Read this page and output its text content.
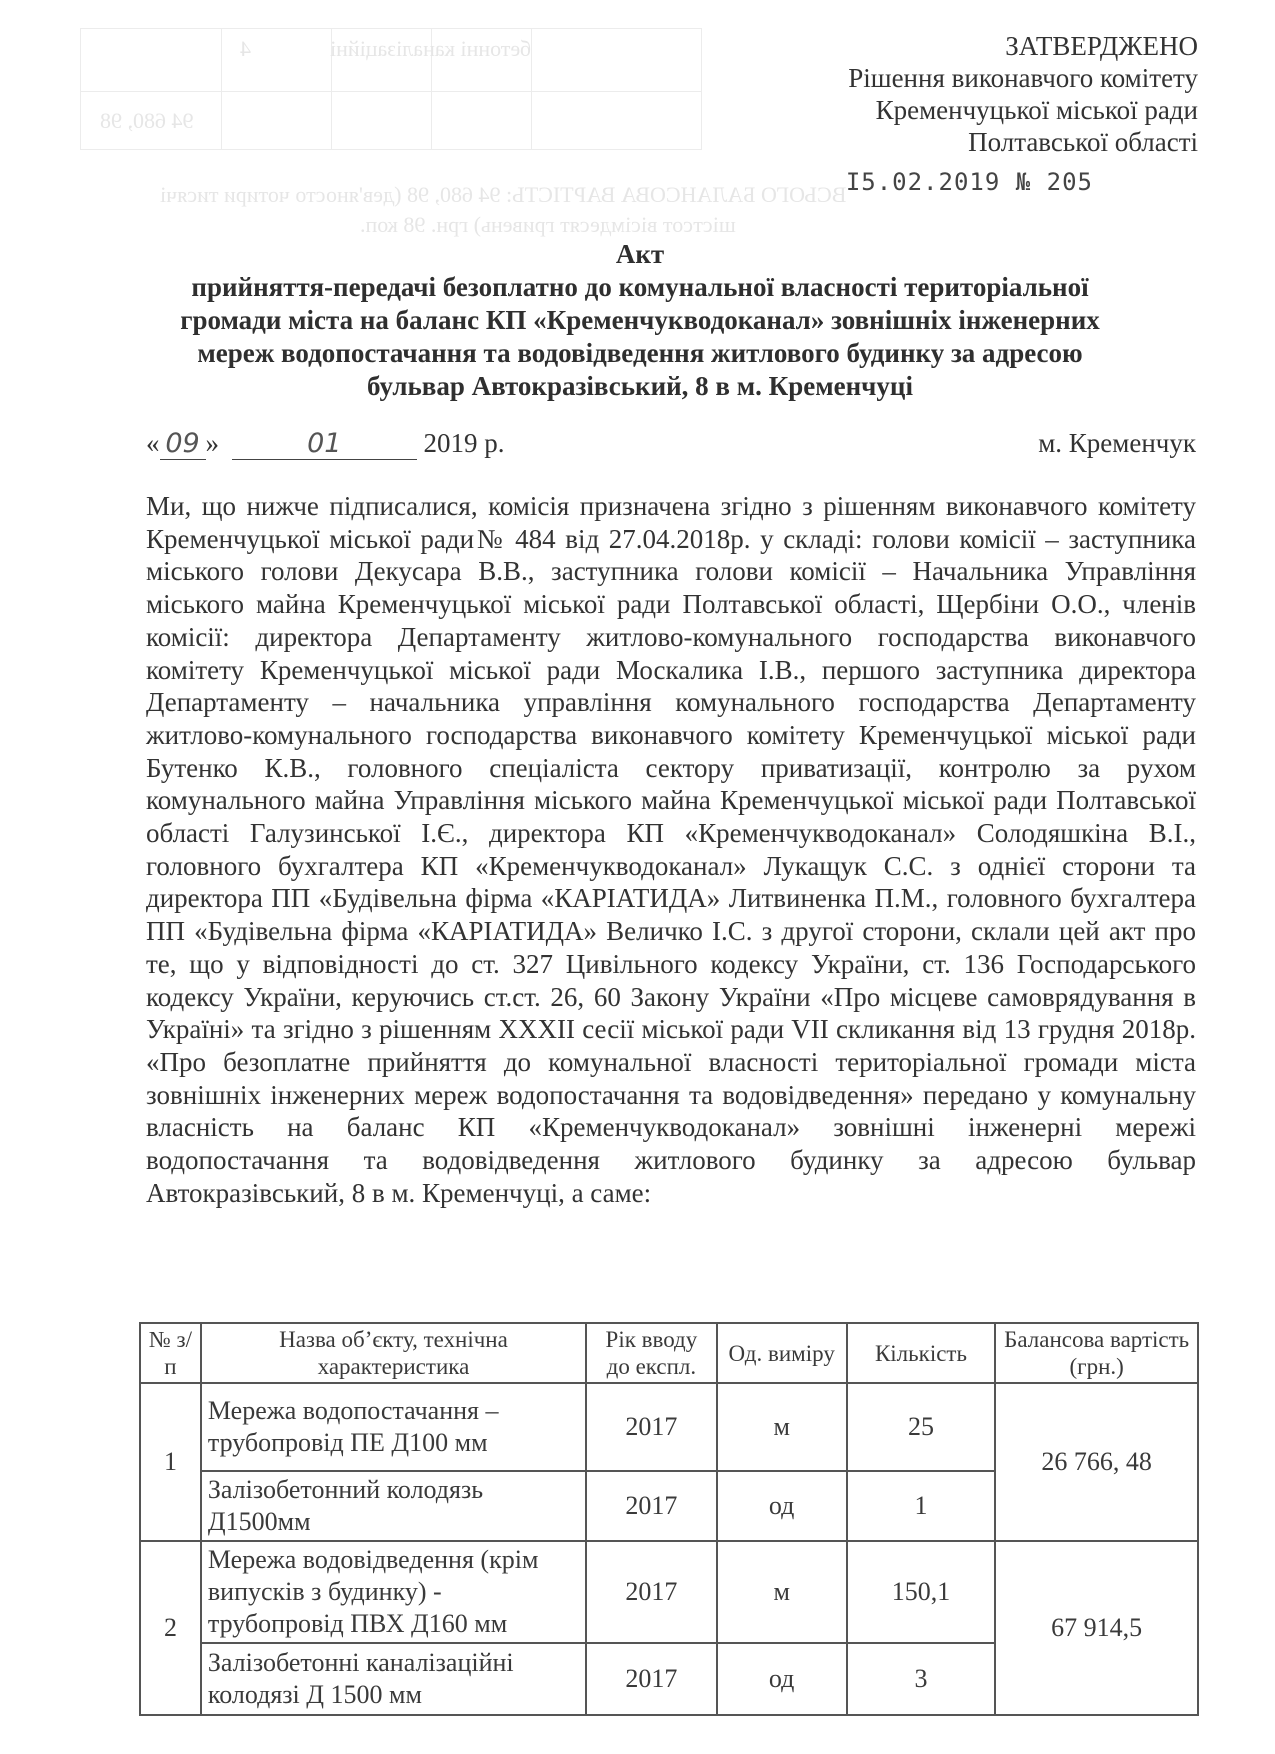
бетонні каналізаційні
4
94 680, 98
ВСЬОГО БАЛАНСОВА ВАРТІСТЬ: 94 680, 98 (дев'яносто чотири тисячі
шістсот вісімдесят гривень) грн. 98 коп.
ЗАТВЕРДЖЕНО
Рішення виконавчого комітету
Кременчуцької міської ради
Полтавської області
I5.02.2019 № 205
Акт
прийняття-передачі безоплатно до комунальної власності територіальної
громади міста на баланс КП «Кременчукводоканал» зовнішніх інженерних
мереж водопостачання та водовідведення житлового будинку за адресою
бульвар Автокразівський, 8 в м. Кременчуці
« 09 »	01	2019 р.	м. Кременчук
Ми, що нижче підписалися, комісія призначена згідно з рішенням виконавчого комітету Кременчуцької міської ради№ 484 від 27.04.2018р. у складі: голови комісії – заступника міського голови Декусара В.В., заступника голови комісії – Начальника Управління міського майна Кременчуцької міської ради Полтавської області, Щербіни О.О., членів комісії: директора Департаменту житлово-комунального господарства виконавчого комітету Кременчуцької міської ради Москалика І.В., першого заступника директора Департаменту – начальника управління комунального господарства Департаменту житлово-комунального господарства виконавчого комітету Кременчуцької міської ради Бутенко К.В., головного спеціаліста сектору приватизації, контролю за рухом комунального майна Управління міського майна Кременчуцької міської ради Полтавської області Галузинської І.Є., директора КП «Кременчукводоканал» Солодяшкіна В.І., головного бухгалтера КП «Кременчукводоканал» Лукащук С.С. з однієї сторони та директора ПП «Будівельна фірма «КАРІАТИДА» Литвиненка П.М., головного бухгалтера ПП «Будівельна фірма «КАРІАТИДА» Величко І.С. з другої сторони, склали цей акт про те, що у відповідності до ст. 327 Цивільного кодексу України, ст. 136 Господарського кодексу України, керуючись ст.ст. 26, 60 Закону України «Про місцеве самоврядування в Україні» та згідно з рішенням ХХХІІ сесії міської ради VII скликання від 13 грудня 2018р. «Про безоплатне прийняття до комунальної власності територіальної громади міста зовнішніх інженерних мереж водопостачання та водовідведення» передано у комунальну власність на баланс КП «Кременчукводоканал» зовнішні інженерні мережі водопостачання та водовідведення житлового будинку за адресою бульвар Автокразівський, 8 в м. Кременчуці, а саме:
№ з/п	Назва об’єкту, технічна характеристика	Рік вводу до експл.	Од. виміру	Кількість	Балансова вартість (грн.)
1	Мережа водопостачання – трубопровід ПЕ Д100 мм	2017	м	25	26 766, 48
	Залізобетонний колодязь Д1500мм	2017	од	1	
2	Мережа водовідведення (крім випусків з будинку) - трубопровід ПВХ Д160 мм	2017	м	150,1	67 914,5
	Залізобетонні каналізаційні колодязі Д 1500 мм	2017	од	3	
